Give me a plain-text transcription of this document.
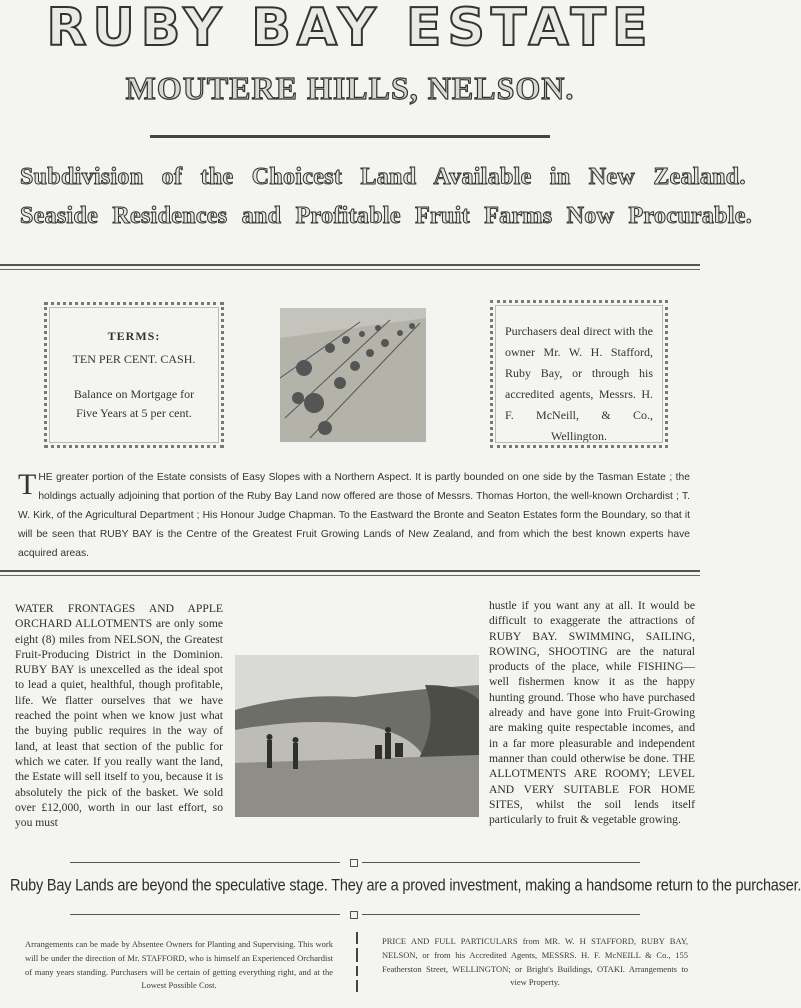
RUBY BAY ESTATE
MOUTERE HILLS, NELSON.
Subdivision of the Choicest Land Available in New Zealand.
Seaside Residences and Profitable Fruit Farms Now Procurable.
TERMS:
TEN PER CENT. CASH.
Balance on Mortgage for
Five Years at 5 per cent.
Purchasers deal direct with the owner Mr. W. H. Stafford, Ruby Bay, or through his accredited agents, Messrs. H. F. McNeill, & Co., Wellington.
THE greater portion of the Estate consists of Easy Slopes with a Northern Aspect. It is partly bounded on one side by the Tasman Estate ; the holdings actually adjoining that portion of the Ruby Bay Land now offered are those of Messrs. Thomas Horton, the well-known Orchardist ; T. W. Kirk, of the Agricultural Department ; His Honour Judge Chapman. To the Eastward the Bronte and Seaton Estates form the Boundary, so that it will be seen that RUBY BAY is the Centre of the Greatest Fruit Growing Lands of New Zealand, and from which the best known experts have acquired areas.
WATER FRONTAGES AND APPLE ORCHARD ALLOTMENTS are only some eight (8) miles from NELSON, the Greatest Fruit-Producing District in the Dominion. RUBY BAY is unexcelled as the ideal spot to lead a quiet, healthful, though profitable, life. We flatter ourselves that we have reached the point when we know just what the buying public requires in the way of land, at least that section of the public for which we cater. If you really want the land, the Estate will sell itself to you, because it is absolutely the pick of the basket. We sold over £12,000, worth in our last effort, so you must
hustle if you want any at all. It would be difficult to exaggerate the attractions of RUBY BAY. SWIMMING, SAILING, ROWING, SHOOTING are the natural products of the place, while FISHING—well fishermen know it as the happy hunting ground. Those who have purchased already and have gone into Fruit-Growing are making quite respectable incomes, and in a far more pleasurable and independent manner than could otherwise be done. THE ALLOTMENTS ARE ROOMY; LEVEL AND VERY SUITABLE FOR HOME SITES, whilst the soil lends itself particularly to fruit & vegetable growing.
Ruby Bay Lands are beyond the speculative stage. They are a proved investment, making a handsome return to the purchaser.
Arrangements can be made by Absentee Owners for Planting and Supervising. This work will be under the direction of Mr. STAFFORD, who is himself an Experienced Orchardist of many years standing. Purchasers will be certain of getting everything right, and at the Lowest Possible Cost.
PRICE AND FULL PARTICULARS from MR. W. H STAFFORD, RUBY BAY, NELSON, or from his Accredited Agents, MESSRS. H. F. McNEILL & Co., 155 Featherston Street, WELLINGTON; or Bright's Buildings, OTAKI. Arrangements to view Property.
